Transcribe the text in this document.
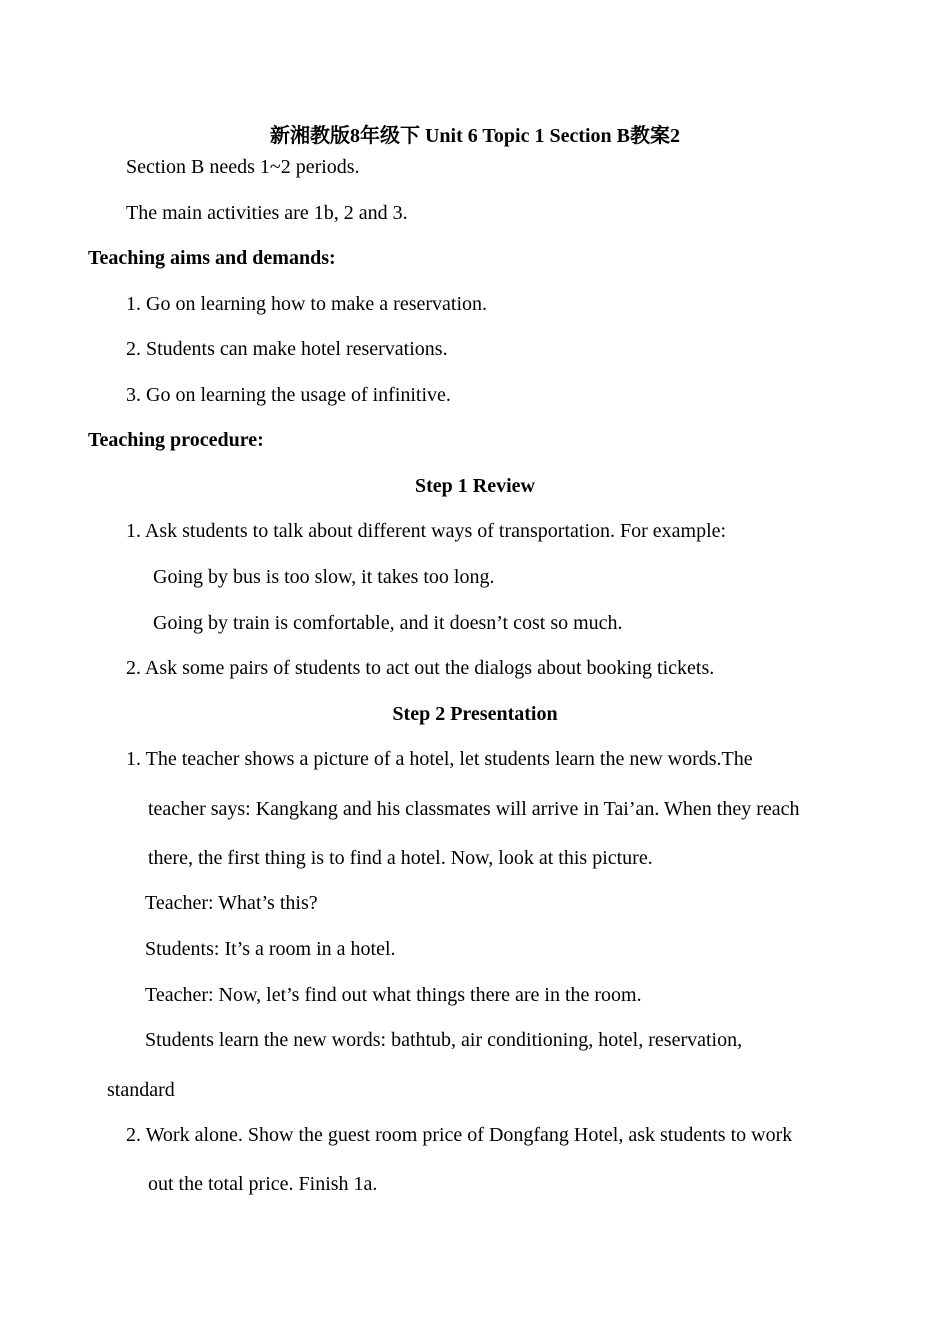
新湘教版8年级下 Unit 6 Topic 1 Section B教案2
Section B needs 1~2 periods.
The main activities are 1b, 2 and 3.
Teaching aims and demands:
1. Go on learning how to make a reservation.
2. Students can make hotel reservations.
3. Go on learning the usage of infinitive.
Teaching procedure:
Step 1 Review
1. Ask students to talk about different ways of transportation. For example:
Going by bus is too slow, it takes too long.
Going by train is comfortable, and it doesn’t cost so much.
2. Ask some pairs of students to act out the dialogs about booking tickets.
Step 2 Presentation
1. The teacher shows a picture of a hotel, let students learn the new words.The
teacher says: Kangkang and his classmates will arrive in Tai’an. When they reach
there, the first thing is to find a hotel. Now, look at this picture.
Teacher: What’s this?
Students: It’s a room in a hotel.
Teacher: Now, let’s find out what things there are in the room.
Students learn the new words: bathtub, air conditioning, hotel, reservation,
standard
2. Work alone. Show the guest room price of Dongfang Hotel, ask students to work
out the total price. Finish 1a.
